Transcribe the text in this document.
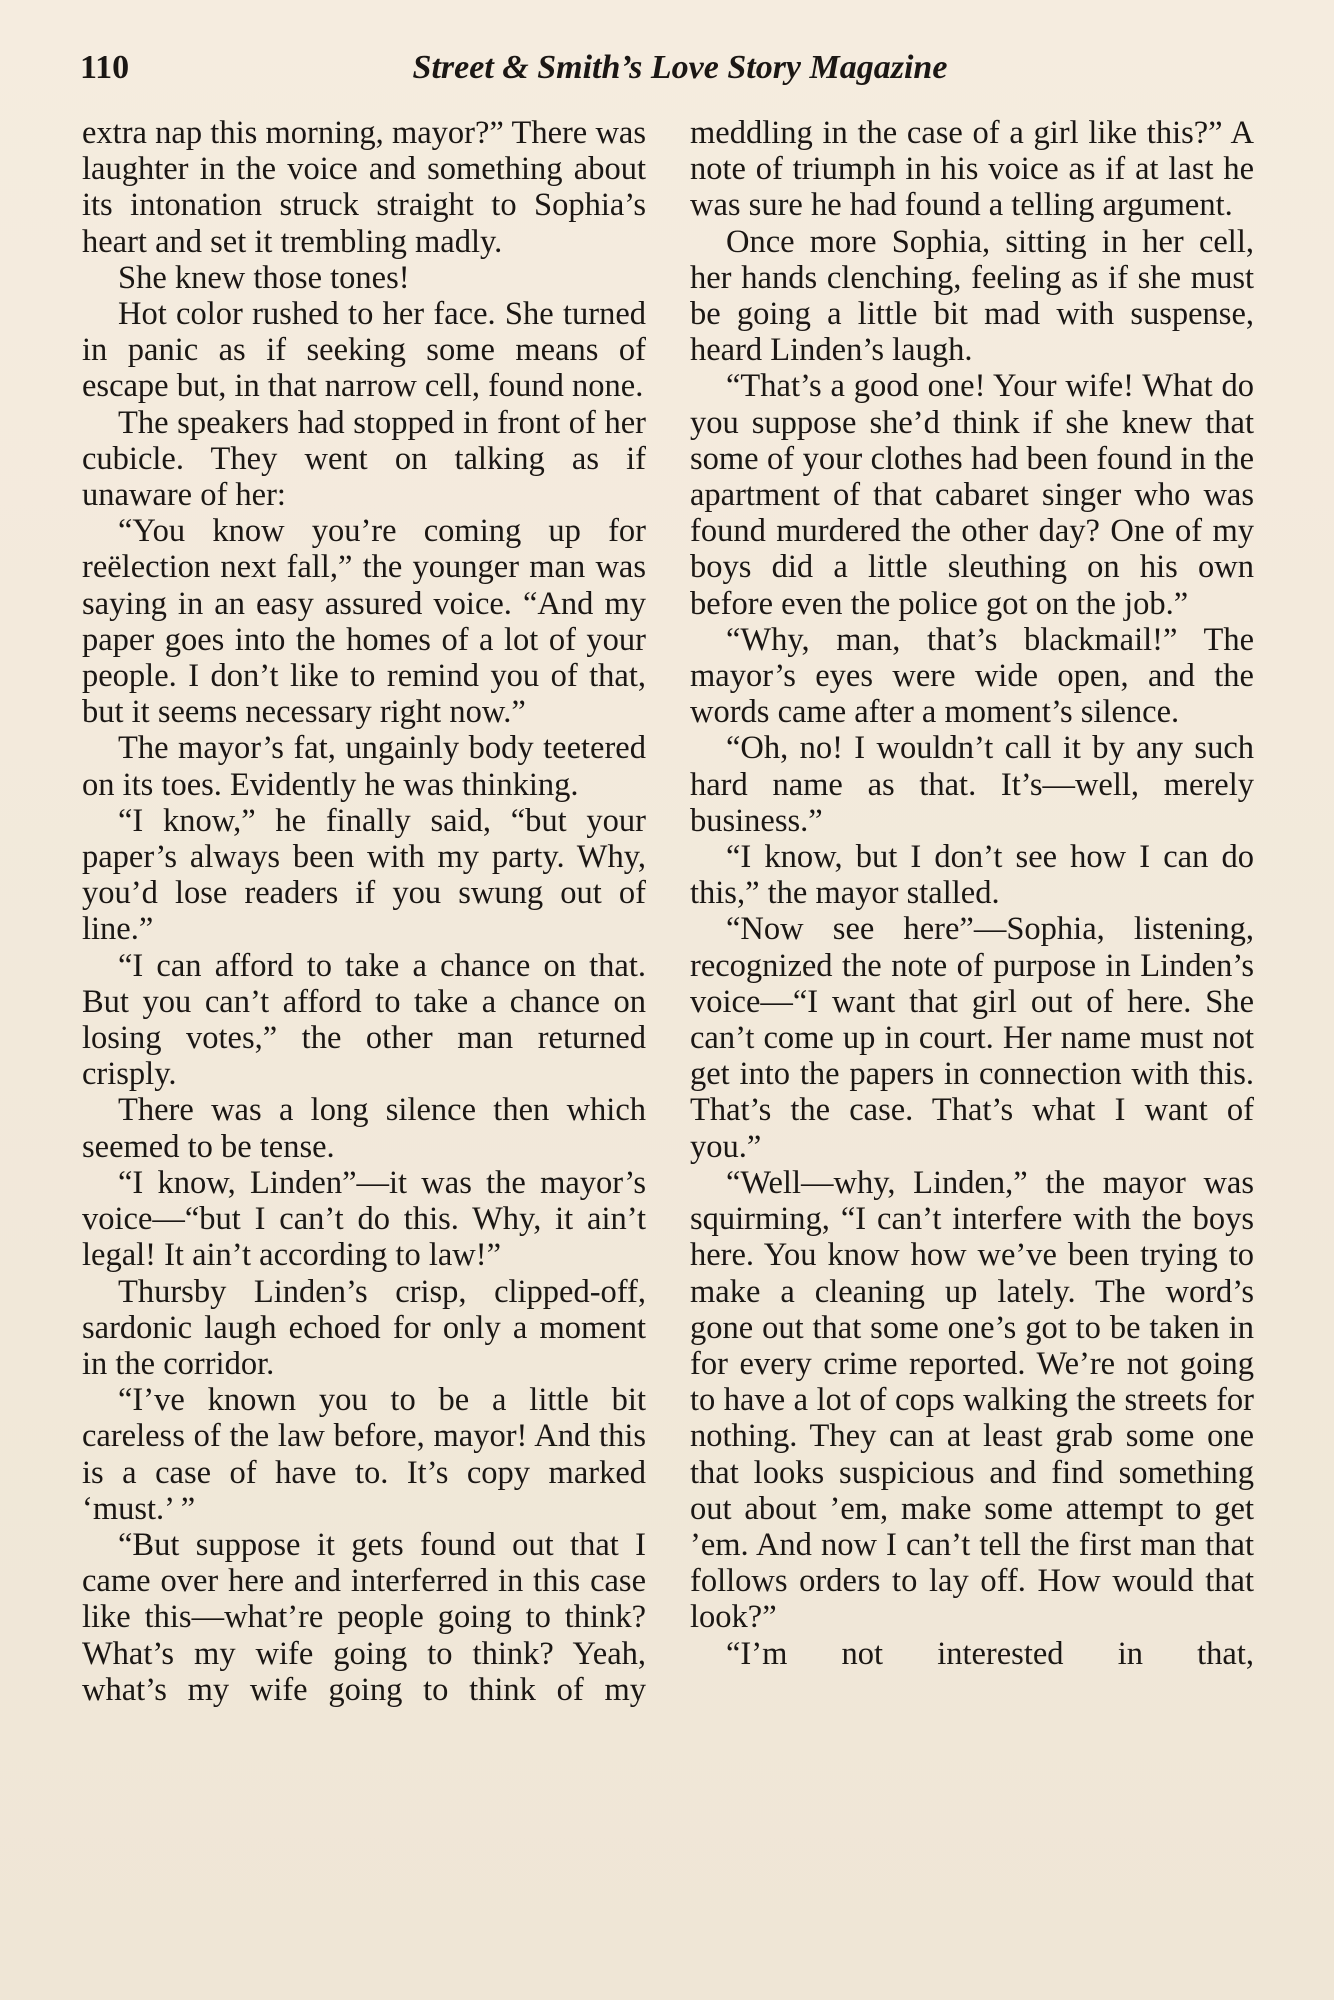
110	Street & Smith’s Love Story Magazine

extra nap this morning, mayor?” There was laughter in the voice and something about its intonation struck straight to Sophia’s heart and set it trembling madly.

She knew those tones!

Hot color rushed to her face. She turned in panic as if seeking some means of escape but, in that narrow cell, found none.

The speakers had stopped in front of her cubicle. They went on talking as if unaware of her:

“You know you’re coming up for reëlection next fall,” the younger man was saying in an easy assured voice. “And my paper goes into the homes of a lot of your people. I don’t like to remind you of that, but it seems necessary right now.”

The mayor’s fat, ungainly body teetered on its toes. Evidently he was thinking.

“I know,” he finally said, “but your paper’s always been with my party. Why, you’d lose readers if you swung out of line.”

“I can afford to take a chance on that. But you can’t afford to take a chance on losing votes,” the other man returned crisply.

There was a long silence then which seemed to be tense.

“I know, Linden”—it was the mayor’s voice—“but I can’t do this. Why, it ain’t legal! It ain’t according to law!”

Thursby Linden’s crisp, clipped-off, sardonic laugh echoed for only a moment in the corridor.

“I’ve known you to be a little bit careless of the law before, mayor! And this is a case of have to. It’s copy marked ‘must.’ ”

“But suppose it gets found out that I came over here and interferred in this case like this—what’re people going to think? What’s my wife going to think? Yeah, what’s my wife going to think of my

meddling in the case of a girl like this?” A note of triumph in his voice as if at last he was sure he had found a telling argument.

Once more Sophia, sitting in her cell, her hands clenching, feeling as if she must be going a little bit mad with suspense, heard Linden’s laugh.

“That’s a good one! Your wife! What do you suppose she’d think if she knew that some of your clothes had been found in the apartment of that cabaret singer who was found murdered the other day? One of my boys did a little sleuthing on his own before even the police got on the job.”

“Why, man, that’s blackmail!” The mayor’s eyes were wide open, and the words came after a moment’s silence.

“Oh, no! I wouldn’t call it by any such hard name as that. It’s—well, merely business.”

“I know, but I don’t see how I can do this,” the mayor stalled.

“Now see here”—Sophia, listening, recognized the note of purpose in Linden’s voice—“I want that girl out of here. She can’t come up in court. Her name must not get into the papers in connection with this. That’s the case. That’s what I want of you.”

“Well—why, Linden,” the mayor was squirming, “I can’t interfere with the boys here. You know how we’ve been trying to make a cleaning up lately. The word’s gone out that some one’s got to be taken in for every crime reported. We’re not going to have a lot of cops walking the streets for nothing. They can at least grab some one that looks suspicious and find something out about ’em, make some attempt to get ’em. And now I can’t tell the first man that follows orders to lay off. How would that look?”

“I’m not interested in that,
